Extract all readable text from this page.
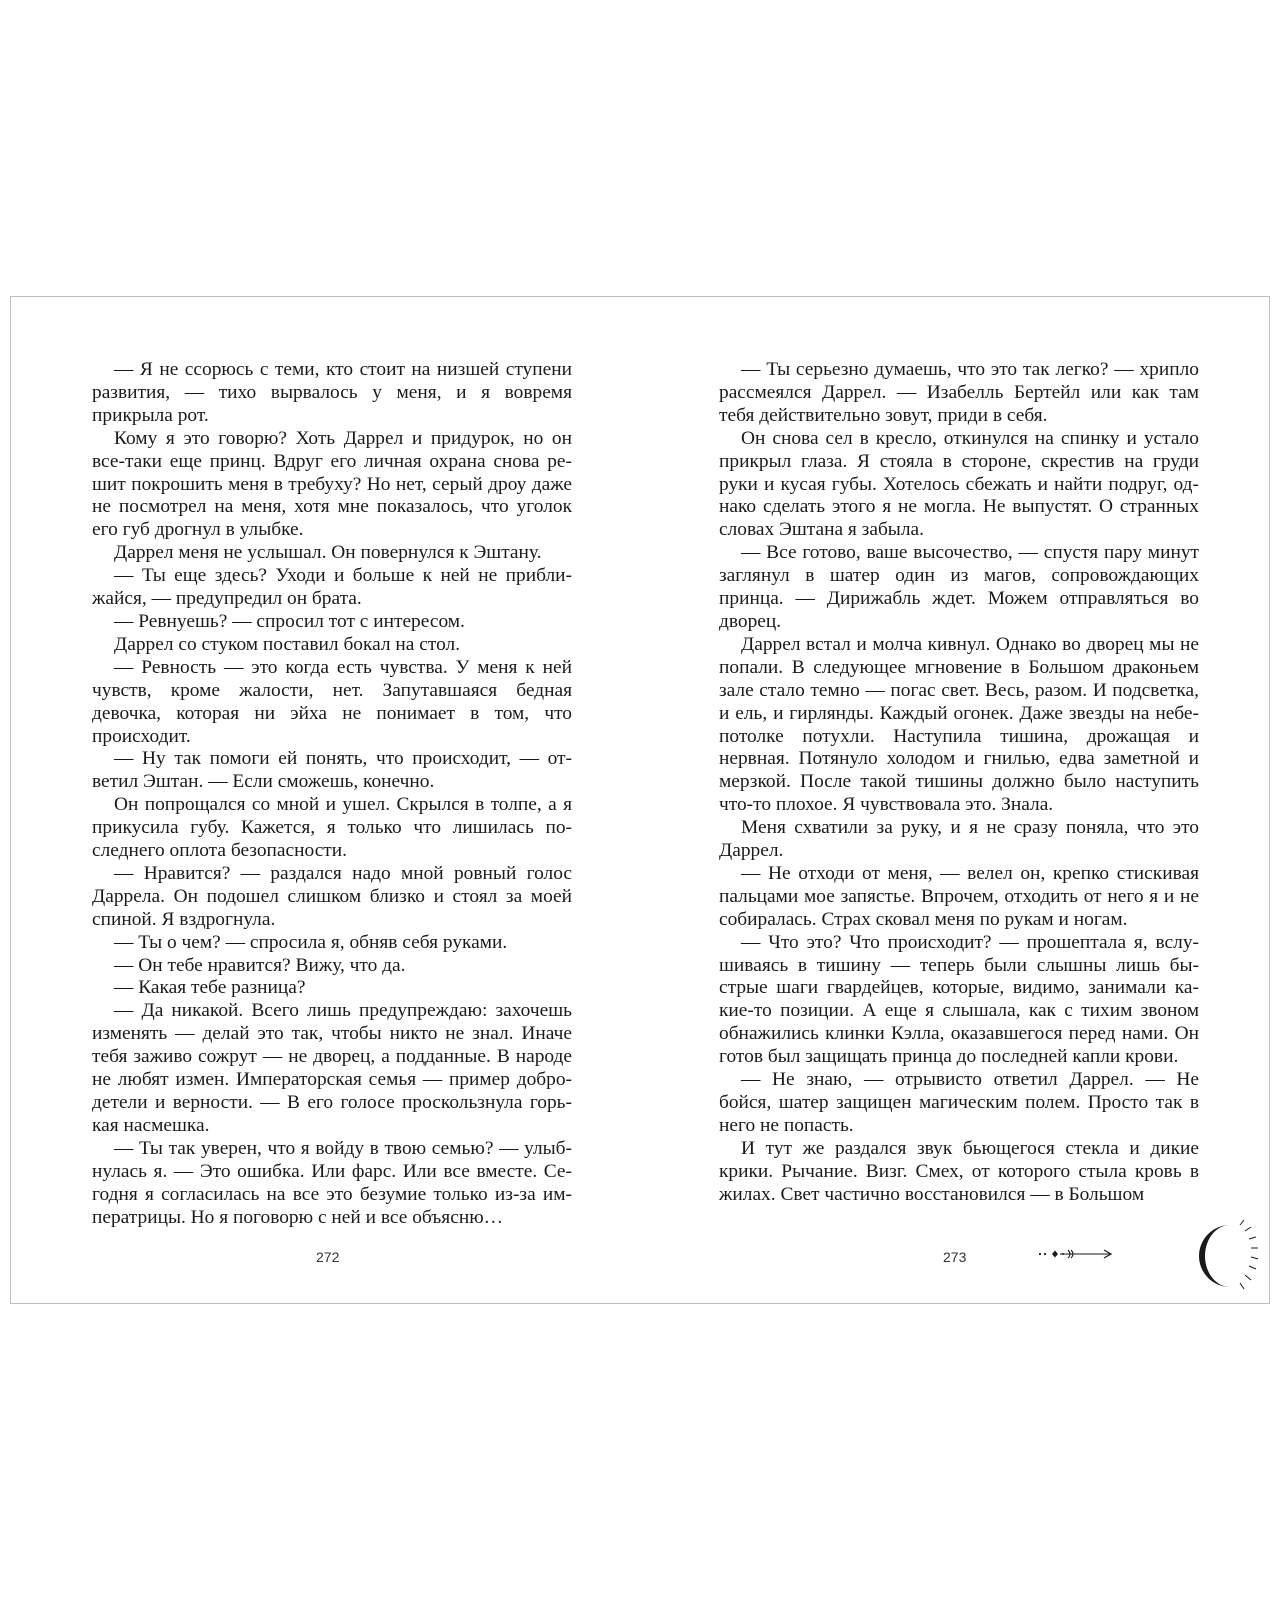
— Я не ссорюсь с теми, кто стоит на низшей ступени развития, — тихо вырвалось у меня, и я вовремя прикрыла рот.

Кому я это говорю? Хоть Даррел и придурок, но он все-таки еще принц. Вдруг его личная охрана снова решит покрошить меня в требуху? Но нет, серый дроу даже не посмотрел на меня, хотя мне показалось, что уголок его губ дрогнул в улыбке.

Даррел меня не услышал. Он повернулся к Эштану.

— Ты еще здесь? Уходи и больше к ней не приближайся, — предупредил он брата.

— Ревнуешь? — спросил тот с интересом.

Даррел со стуком поставил бокал на стол.

— Ревность — это когда есть чувства. У меня к ней чувств, кроме жалости, нет. Запутавшаяся бедная девочка, которая ни эйха не понимает в том, что происходит.

— Ну так помоги ей понять, что происходит, — ответил Эштан. — Если сможешь, конечно.

Он попрощался со мной и ушел. Скрылся в толпе, а я прикусила губу. Кажется, я только что лишилась последнего оплота безопасности.

— Нравится? — раздался надо мной ровный голос Даррела. Он подошел слишком близко и стоял за моей спиной. Я вздрогнула.

— Ты о чем? — спросила я, обняв себя руками.

— Он тебе нравится? Вижу, что да.

— Какая тебе разница?

— Да никакой. Всего лишь предупреждаю: захочешь изменять — делай это так, чтобы никто не знал. Иначе тебя заживо сожрут — не дворец, а подданные. В народе не любят измен. Императорская семья — пример добродетели и верности. — В его голосе проскользнула горькая насмешка.

— Ты так уверен, что я войду в твою семью? — улыбнулась я. — Это ошибка. Или фарс. Или все вместе. Сегодня я согласилась на все это безумие только из-за императрицы. Но я поговорю с ней и все объясню…

272

— Ты серьезно думаешь, что это так легко? — хрипло рассмеялся Даррел. — Изабелль Бертейл или как там тебя действительно зовут, приди в себя.

Он снова сел в кресло, откинулся на спинку и устало прикрыл глаза. Я стояла в стороне, скрестив на груди руки и кусая губы. Хотелось сбежать и найти подруг, однако сделать этого я не могла. Не выпустят. О странных словах Эштана я забыла.

— Все готово, ваше высочество, — спустя пару минут заглянул в шатер один из магов, сопровождающих принца. — Дирижабль ждет. Можем отправляться во дворец.

Даррел встал и молча кивнул. Однако во дворец мы не попали. В следующее мгновение в Большом драконьем зале стало темно — погас свет. Весь, разом. И подсветка, и ель, и гирлянды. Каждый огонек. Даже звезды на небе-потолке потухли. Наступила тишина, дрожащая и нервная. Потянуло холодом и гнилью, едва заметной и мерзкой. После такой тишины должно было наступить что-то плохое. Я чувствовала это. Знала.

Меня схватили за руку, и я не сразу поняла, что это Даррел.

— Не отходи от меня, — велел он, крепко стискивая пальцами мое запястье. Впрочем, отходить от него я и не собиралась. Страх сковал меня по рукам и ногам.

— Что это? Что происходит? — прошептала я, вслушиваясь в тишину — теперь были слышны лишь быстрые шаги гвардейцев, которые, видимо, занимали какие-то позиции. А еще я слышала, как с тихим звоном обнажились клинки Кэлла, оказавшегося перед нами. Он готов был защищать принца до последней капли крови.

— Не знаю, — отрывисто ответил Даррел. — Не бойся, шатер защищен магическим полем. Просто так в него не попасть.

И тут же раздался звук бьющегося стекла и дикие крики. Рычание. Визг. Смех, от которого стыла кровь в жилах. Свет частично восстановился — в Большом

273
